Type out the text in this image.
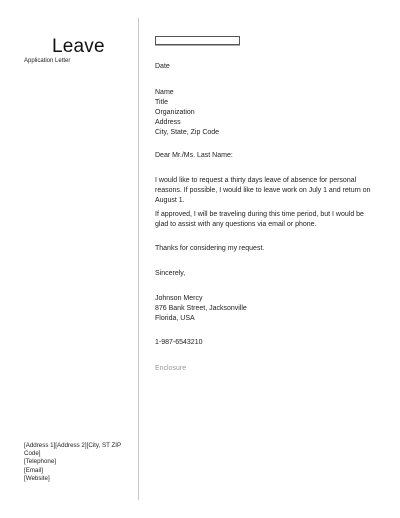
Leave
Application Letter
[Address 1][Address 2][City, ST ZIP
Code]
[Telephone]
[Email]
[Website]
Date
Name
Title
Organization
Address
City, State, Zip Code
Dear Mr./Ms. Last Name:
I would like to request a thirty days leave of absence for personal reasons. If possible, I would like to leave work on July 1 and return on August 1.
If approved, I will be traveling during this time period, but I would be glad to assist with any questions via email or phone.
Thanks for considering my request.
Sincerely,
Johnson Mercy
876 Bank Street, Jacksonville
Florida, USA
1-987-6543210
Enclosure
